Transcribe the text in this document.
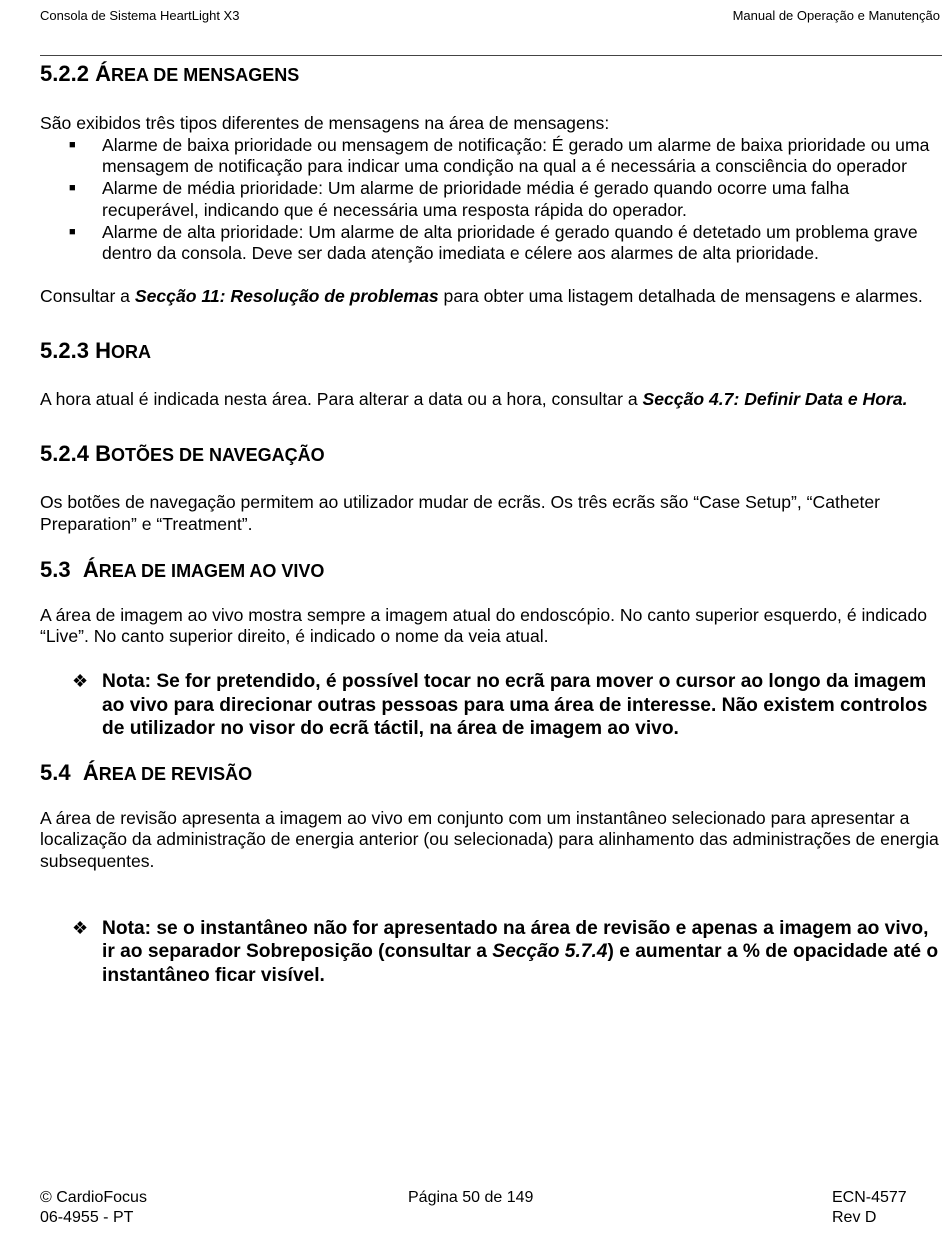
Consola de Sistema HeartLight X3	Manual de Operação e Manutenção
5.2.2 ÁREA DE MENSAGENS

São exibidos três tipos diferentes de mensagens na área de mensagens:

■ Alarme de baixa prioridade ou mensagem de notificação: É gerado um alarme de baixa prioridade ou uma mensagem de notificação para indicar uma condição na qual a é necessária a consciência do operador
■ Alarme de média prioridade: Um alarme de prioridade média é gerado quando ocorre uma falha recuperável, indicando que é necessária uma resposta rápida do operador.
■ Alarme de alta prioridade: Um alarme de alta prioridade é gerado quando é detetado um problema grave dentro da consola. Deve ser dada atenção imediata e célere aos alarmes de alta prioridade.

Consultar a Secção 11: Resolução de problemas para obter uma listagem detalhada de mensagens e alarmes.

5.2.3 HORA

A hora atual é indicada nesta área. Para alterar a data ou a hora, consultar a Secção 4.7: Definir Data e Hora.

5.2.4 BOTÕES DE NAVEGAÇÃO

Os botões de navegação permitem ao utilizador mudar de ecrãs. Os três ecrãs são “Case Setup”, “Catheter Preparation” e “Treatment”.

5.3 ÁREA DE IMAGEM AO VIVO

A área de imagem ao vivo mostra sempre a imagem atual do endoscópio. No canto superior esquerdo, é indicado “Live”. No canto superior direito, é indicado o nome da veia atual.

❖ Nota: Se for pretendido, é possível tocar no ecrã para mover o cursor ao longo da imagem ao vivo para direcionar outras pessoas para uma área de interesse. Não existem controlos de utilizador no visor do ecrã táctil, na área de imagem ao vivo.
5.4 ÁREA DE REVISÃO

A área de revisão apresenta a imagem ao vivo em conjunto com um instantâneo selecionado para apresentar a localização da administração de energia anterior (ou selecionada) para alinhamento das administrações de energia subsequentes.

❖ Nota: se o instantâneo não for apresentado na área de revisão e apenas a imagem ao vivo, ir ao separador Sobreposição (consultar a Secção 5.7.4) e aumentar a % de opacidade até o instantâneo ficar visível.
© CardioFocus
06-4955 - PT
Página 50 de 149	ECN-4577
Rev D
